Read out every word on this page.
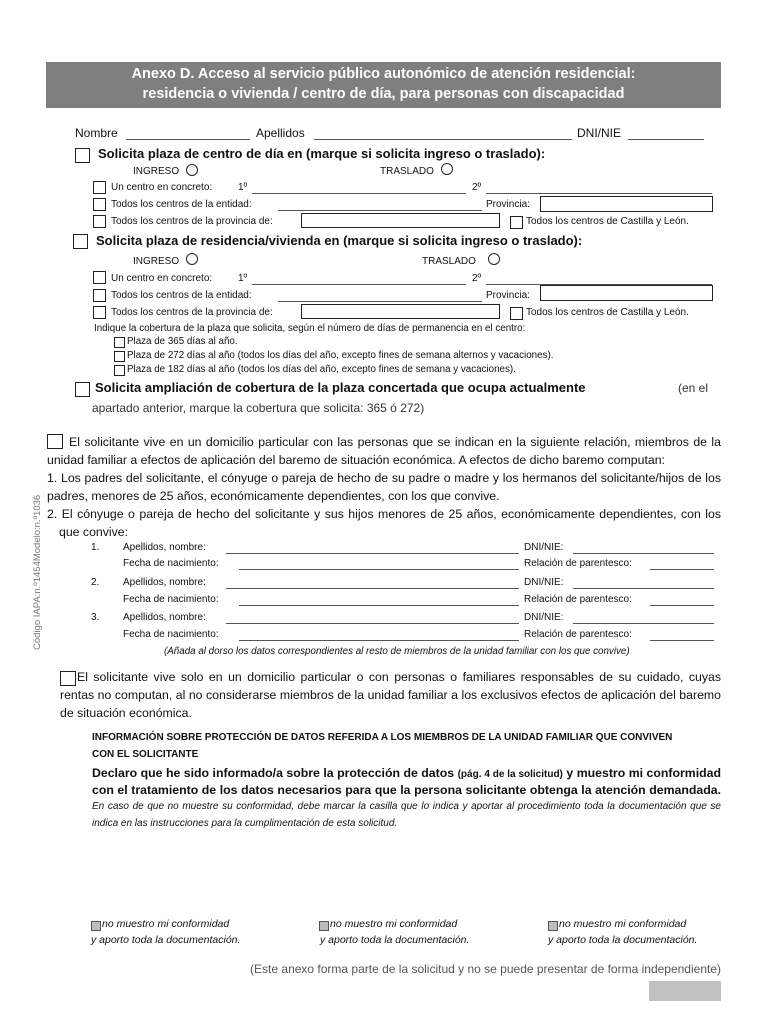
Anexo D. Acceso al servicio público autonómico de atención residencial:
residencia o vivienda / centro de día, para personas con discapacidad
Nombre	Apellidos	DNI/NIE
Solicita plaza de centro de día en (marque si solicita ingreso o traslado):
INGRESO	TRASLADO
Un centro en concreto:	1º	2º
Todos los centros de la entidad:	Provincia:
Todos los centros de la provincia de:	Todos los centros de Castilla y León.
Solicita plaza de residencia/vivienda en (marque si solicita ingreso o traslado):
INGRESO	TRASLADO
Un centro en concreto:	1º	2º
Todos los centros de la entidad:	Provincia:
Todos los centros de la provincia de:	Todos los centros de Castilla y León.
Indique la cobertura de la plaza que solicita, según el número de días de permanencia en el centro:
Plaza de 365 días al año.
Plaza de 272 días al año (todos los días del año, excepto fines de semana alternos y vacaciones).
Plaza de 182 días al año (todos los días del año, excepto fines de semana y vacaciones).
Solicita ampliación de cobertura de la plaza concertada que ocupa actualmente	(en el
apartado anterior, marque la cobertura que solicita: 365 ó 272)
El solicitante vive en un domicilio particular con las personas que se indican en la siguiente relación, miembros de la unidad familiar a efectos de aplicación del baremo de situación económica. A efectos de dicho baremo computan:
1. Los padres del solicitante, el cónyuge o pareja de hecho de su padre o madre y los hermanos del solicitante/hijos de los padres, menores de 25 años, económicamente dependientes, con los que convive.
2. El cónyuge o pareja de hecho del solicitante y sus hijos menores de 25 años, económicamente dependientes, con los que convive:
1. Apellidos, nombre:	DNI/NIE:
Fecha de nacimiento:	Relación de parentesco:
2. Apellidos, nombre:	DNI/NIE:
Fecha de nacimiento:	Relación de parentesco:
3. Apellidos, nombre:	DNI/NIE:
Fecha de nacimiento:	Relación de parentesco:
(Añada al dorso los datos correspondientes al resto de miembros de la unidad familiar con los que convive)
Código IAPA:n.º1454Modelo:n.º1036
El solicitante vive solo en un domicilio particular o con personas o familiares responsables de su cuidado, cuyas rentas no computan, al no considerarse miembros de la unidad familiar a los exclusivos efectos de aplicación del baremo de situación económica.
INFORMACIÓN SOBRE PROTECCIÓN DE DATOS REFERIDA A LOS MIEMBROS DE LA UNIDAD FAMILIAR QUE CONVIVEN
CON EL SOLICITANTE
Declaro que he sido informado/a sobre la protección de datos (pág. 4 de la solicitud) y muestro mi conformidad con el tratamiento de los datos necesarios para que la persona solicitante obtenga la atención demandada. En caso de que no muestre su conformidad, debe marcar la casilla que lo indica y aportar al procedimiento toda la documentación que se indica en las instrucciones para la cumplimentación de esta solicitud.
no muestro mi conformidad
y aporto toda la documentación.
no muestro mi conformidad
y aporto toda la documentación.
no muestro mi conformidad
y aporto toda la documentación.
(Este anexo forma parte de la solicitud y no se puede presentar de forma independiente)
